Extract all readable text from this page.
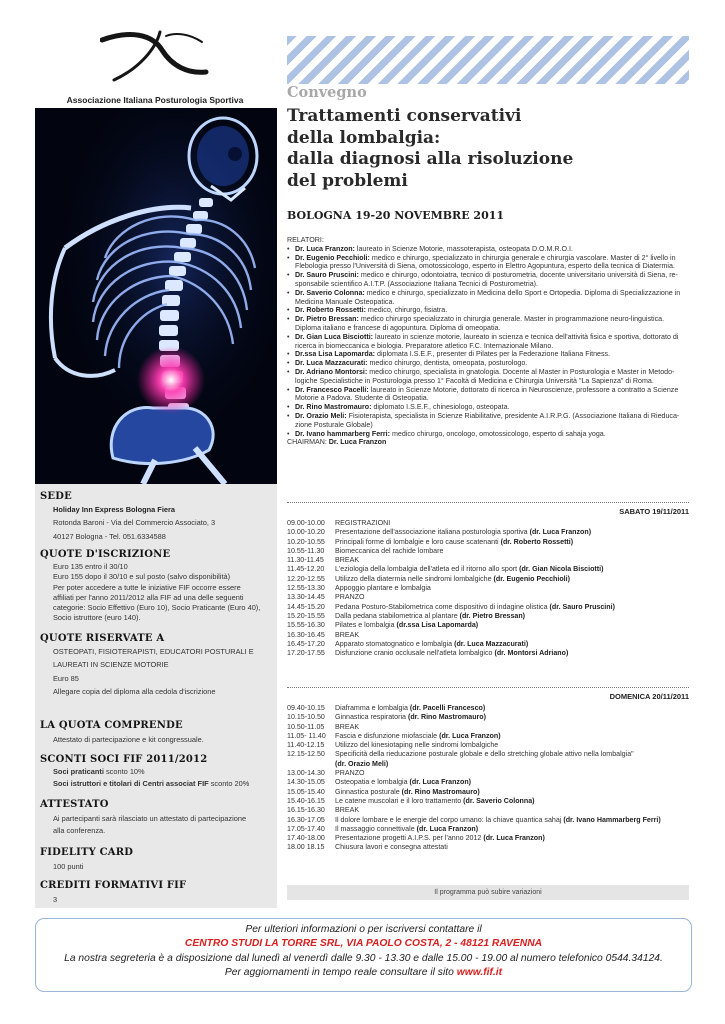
Associazione Italiana Posturologia Sportiva
SEDE
Holiday Inn Express Bologna Fiera
Rotonda Baroni - Via del Commercio Associato, 3
40127 Bologna - Tel. 051.6334588
QUOTE D'ISCRIZIONE
Euro 135 entro il 30/10
Euro 155 dopo il 30/10 e sul posto (salvo disponibilità)
Per poter accedere a tutte le iniziative FIF occorre essere
affiliati per l'anno 2011/2012 alla FIF ad una delle seguenti
categorie: Socio Effettivo (Euro 10), Socio Praticante (Euro 40),
Socio istruttore (euro 140).
QUOTE RISERVATE A
OSTEOPATI, FISIOTERAPISTI, EDUCATORI POSTURALI E
LAUREATI IN SCIENZE MOTORIE
Euro 85
Allegare copia del diploma alla cedola d'iscrizione
LA QUOTA COMPRENDE
Attestato di partecipazione e kit congressuale.
SCONTI SOCI FIF 2011/2012
Soci praticanti sconto 10%
Soci istruttori e titolari di Centri associat FIF sconto 20%
ATTESTATO
Ai partecipanti sarà rilasciato un attestato di partecipazione
alla conferenza.
FIDELITY CARD
100 punti
CREDITI FORMATIVI FIF
3
Convegno
Trattamenti conservativi
della lombalgia:
dalla diagnosi alla risoluzione
del problemi
BOLOGNA 19-20 NOVEMBRE 2011
RELATORI:
• Dr. Luca Franzon: laureato in Scienze Motorie, massoterapista, osteopata D.O.M.R.O.I.
• Dr. Eugenio Pecchioli: medico e chirurgo, specializzato in chirurgia generale e chirurgia vascolare. Master di 2° livello in Flebologia presso l'Università di Siena, omotossicologo, esperto in Elettro Agopuntura, esperto della tecnica di Diatermia.
• Dr. Sauro Pruscini: medico e chirurgo, odontoiatra, tecnico di posturometria, docente universitario università di Siena, re-sponsabile scientifico A.I.T.P. (Associazione Italiana Tecnici di Posturometria).
• Dr. Saverio Colonna: medico e chirurgo, specializzato in Medicina dello Sport e Ortopedia. Diploma di Specializzazione in Medicina Manuale Osteopatica.
• Dr. Roberto Rossetti: medico, chirurgo, fisiatra.
• Dr. Pietro Bressan: medico chirurgo specializzato in chirurgia generale. Master in programmazione neuro-linguistica. Diploma italiano e francese di agopuntura. Diploma di omeopatia.
• Dr. Gian Luca Bisciotti: laureato in scienze motorie, laureato in scienza e tecnica dell'attività fisica e sportiva, dottorato di ricerca in biomeccanica e biologia. Preparatore atletico F.C. Internazionale Milano.
• Dr.ssa Lisa Lapomarda: diplomata I.S.E.F., presenter di Pilates per la Federazione Italiana Fitness.
• Dr. Luca Mazzacurati: medico chirurgo, dentista, omeopata, posturologo.
• Dr. Adriano Montorsi: medico chirurgo, specialista in gnatologia. Docente al Master in Posturologia e Master in Metodo-logiche Specialistiche in Posturologia presso 1° Facoltà di Medicina e Chirurgia Università "La Sapienza" di Roma.
• Dr. Francesco Pacelli: laureato in Scienze Motorie, dottorato di ricerca in Neuroscienze, professore a contratto a Scienze Motorie a Padova. Studente di Osteopatia.
• Dr. Rino Mastromauro: diplomato I.S.E.F., chinesiologo, osteopata.
• Dr. Orazio Meli: Fisioterapista, specialista in Scienze Riabilitative, presidente A.I.R.P.G. (Associazione Italiana di Rieduca-zione Posturale Globale)
• Dr. Ivano hammarberg Ferri: medico chirurgo, oncologo, omotossicologo, esperto di sahaja yoga.
CHAIRMAN: Dr. Luca Franzon
SABATO 19/11/2011
09.00-10.00	REGISTRAZIONI
10.00-10.20	Presentazione dell'associazione italiana posturologia sportiva (dr. Luca Franzon)
10.20-10.55	Principali forme di lombalgie e loro cause scatenanti (dr. Roberto Rossetti)
10.55-11.30	Biomeccanica del rachide lombare
11.30-11.45	BREAK
11.45-12.20	L'eziologia della lombalgia dell'atleta ed il ritorno allo sport (dr. Gian Nicola Bisciotti)
12.20-12.55	Utilizzo della diatermia nelle sindromi lombalgiche (dr. Eugenio Pecchioli)
12.55-13.30	Appoggio plantare e lombalgia
13.30-14.45	PRANZO
14.45-15.20	Pedana Posturo-Stabilometrica come dispositivo di indagine olistica (dr. Sauro Pruscini)
15.20-15.55	Dalla pedana stabilometrica al plantare (dr. Pietro Bressan)
15.55-16.30	Pilates e lombalgia (dr.ssa Lisa Lapomarda)
16.30-16.45	BREAK
16.45-17.20	Apparato stomatognatico e lombalgia (dr. Luca Mazzacurati)
17.20-17.55	Disfunzione cranio occlusale nell'atleta lombalgico (dr. Montorsi Adriano)
DOMENICA 20/11/2011
09.40-10.15	Diaframma e lombalgia (dr. Pacelli Francesco)
10.15-10.50	Ginnastica respiratoria (dr. Rino Mastromauro)
10.50-11.05	BREAK
11.05- 11.40	Fascia e disfunzione miofasciale (dr. Luca Franzon)
11.40-12.15	Utilizzo del kinesiotaping nelle sindromi lombalgiche
12.15-12.50	Specificità della rieducazione posturale globale e dello stretching globale attivo nella lombalgia"
(dr. Orazio Meli)
13.00-14.30	PRANZO
14.30-15.05	Osteopatia e lombalgia (dr. Luca Franzon)
15.05-15.40	Ginnastica posturale (dr. Rino Mastromauro)
15.40-16.15	Le catene muscolari e il loro trattamento (dr. Saverio Colonna)
16.15-16.30	BREAK
16.30-17.05	Il dolore lombare e le energie del corpo umano: la chiave quantica sahaj (dr. Ivano Hammarberg Ferri)
17.05-17.40	Il massaggio connettivale (dr. Luca Franzon)
17.40-18.00	Presentazione progetti A.I.P.S. per l'anno 2012 (dr. Luca Franzon)
18.00 18.15	Chiusura lavori e consegna attestati
Il programma può subire variazioni
Per ulteriori informazioni o per iscriversi contattare il
CENTRO STUDI LA TORRE SRL, VIA PAOLO COSTA, 2 - 48121 RAVENNA
La nostra segreteria è a disposizione dal lunedì al venerdì dalle 9.30 - 13.30 e dalle 15.00 - 19.00 al numero telefonico 0544.34124.
Per aggiornamenti in tempo reale consultare il sito www.fif.it
